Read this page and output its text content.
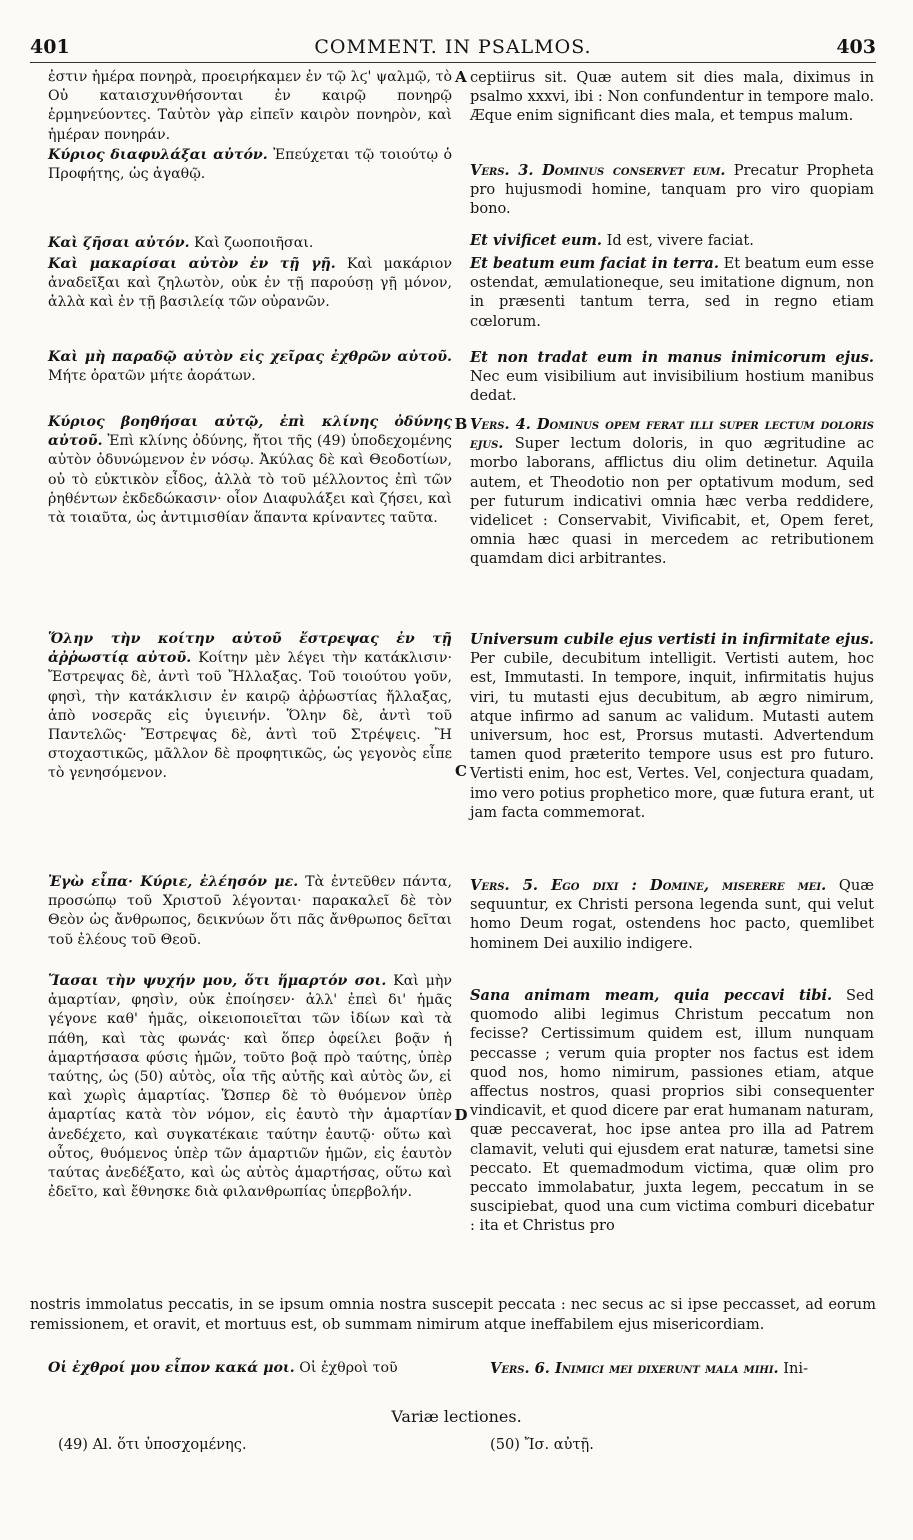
401	COMMENT. IN PSALMOS.	403

ἐστιν ἡμέρα πονηρὰ, προειρήκαμεν ἐν τῷ λϛ' ψαλμῷ, τὸ Οὐ καταισχυνθήσονται ἐν καιρῷ πονηρῷ ἑρμηνεύοντες. Ταὐτὸν γὰρ εἰπεῖν καιρὸν πονηρὸν, καὶ ἡμέραν πονηράν.

Κύριος διαφυλάξαι αὐτόν. Ἐπεύχεται τῷ τοιούτῳ ὁ Προφήτης, ὡς ἀγαθῷ.

Καὶ ζῆσαι αὐτόν. Καὶ ζωοποιῆσαι.

Καὶ μακαρίσαι αὐτὸν ἐν τῇ γῇ. Καὶ μακάριον ἀναδεῖξαι καὶ ζηλωτὸν, οὐκ ἐν τῇ παρούσῃ γῇ μόνον, ἀλλὰ καὶ ἐν τῇ βασιλείᾳ τῶν οὐρανῶν.

Καὶ μὴ παραδῷ αὐτὸν εἰς χεῖρας ἐχθρῶν αὐτοῦ. Μήτε ὁρατῶν μήτε ἀοράτων.

Κύριος βοηθήσαι αὐτῷ, ἐπὶ κλίνης ὀδύνης αὐτοῦ. Ἐπὶ κλίνης ὀδύνης, ἤτοι τῆς (49) ὑποδεχομένης αὐτὸν ὀδυνώμενον ἐν νόσῳ. Ἀκύλας δὲ καὶ Θεοδοτίων, οὐ τὸ εὐκτικὸν εἶδος, ἀλλὰ τὸ τοῦ μέλλοντος ἐπὶ τῶν ῥηθέντων ἐκδεδώκασιν· οἷον Διαφυλάξει καὶ ζήσει, καὶ τὰ τοιαῦτα, ὡς ἀντιμισθίαν ἅπαντα κρίναντες ταῦτα.

Ὅλην τὴν κοίτην αὐτοῦ ἔστρεψας ἐν τῇ ἀῤῥωστίᾳ αὐτοῦ. Κοίτην μὲν λέγει τὴν κατάκλισιν· Ἔστρεψας δὲ, ἀντὶ τοῦ Ἤλλαξας. Τοῦ τοιούτου γοῦν, φησὶ, τὴν κατάκλισιν ἐν καιρῷ ἀῤῥωστίας ἤλλαξας, ἀπὸ νοσερᾶς εἰς ὑγιεινήν. Ὅλην δὲ, ἀντὶ τοῦ Παντελῶς· Ἔστρεψας δὲ, ἀντὶ τοῦ Στρέψεις. Ἢ στοχαστικῶς, μᾶλλον δὲ προφητικῶς, ὡς γεγονὸς εἶπε τὸ γενησόμενον.

Ἐγὼ εἶπα· Κύριε, ἐλέησόν με. Τὰ ἐντεῦθεν πάντα, προσώπῳ τοῦ Χριστοῦ λέγονται· παρακαλεῖ δὲ τὸν Θεὸν ὡς ἄνθρωπος, δεικνύων ὅτι πᾶς ἄνθρωπος δεῖται τοῦ ἐλέους τοῦ Θεοῦ.

Ἴασαι τὴν ψυχήν μου, ὅτι ἥμαρτόν σοι. Καὶ μὴν ἁμαρτίαν, φησὶν, οὐκ ἐποίησεν· ἀλλ' ἐπεὶ δι' ἡμᾶς γέγονε καθ' ἡμᾶς, οἰκειοποιεῖται τῶν ἰδίων καὶ τὰ πάθη, καὶ τὰς φωνάς· καὶ ὅπερ ὀφείλει βοᾷν ἡ ἁμαρτήσασα φύσις ἡμῶν, τοῦτο βοᾷ πρὸ ταύτης, ὑπὲρ ταύτης, ὡς (50) αὐτὸς, οἷα τῆς αὐτῆς καὶ αὐτὸς ὤν, εἰ καὶ χωρὶς ἁμαρτίας. Ὥσπερ δὲ τὸ θυόμενον ὑπὲρ ἁμαρτίας κατὰ τὸν νόμον, εἰς ἑαυτὸ τὴν ἁμαρτίαν ἀνεδέχετο, καὶ συγκατέκαιε ταύτην ἑαυτῷ· οὕτω καὶ οὗτος, θυόμενος ὑπὲρ τῶν ἁμαρτιῶν ἡμῶν, εἰς ἑαυτὸν ταύτας ἀνεδέξατο, καὶ ὡς αὐτὸς ἁμαρτήσας, οὕτω καὶ ἐδεῖτο, καὶ ἔθνησκε διὰ φιλανθρωπίας ὑπερβολήν.

A
B
C
D

ceptiirus sit. Quæ autem sit dies mala, diximus in psalmo xxxvi, ibi : Non confundentur in tempore malo. Æque enim significant dies mala, et tempus malum.

Vers. 3. Dominus conservet eum. Precatur Propheta pro hujusmodi homine, tanquam pro viro quopiam bono.

Et vivificet eum. Id est, vivere faciat.

Et beatum eum faciat in terra. Et beatum eum esse ostendat, æmulationeque, seu imitatione dignum, non in præsenti tantum terra, sed in regno etiam cœlorum.

Et non tradat eum in manus inimicorum ejus. Nec eum visibilium aut invisibilium hostium manibus dedat.

Vers. 4. Dominus opem ferat illi super lectum doloris ejus. Super lectum doloris, in quo ægritudine ac morbo laborans, afflictus diu olim detinetur. Aquila autem, et Theodotio non per optativum modum, sed per futurum indicativi omnia hæc verba reddidere, videlicet : Conservabit, Vivificabit, et, Opem feret, omnia hæc quasi in mercedem ac retributionem quamdam dici arbitrantes.

Universum cubile ejus vertisti in infirmitate ejus. Per cubile, decubitum intelligit. Vertisti autem, hoc est, Immutasti. In tempore, inquit, infirmitatis hujus viri, tu mutasti ejus decubitum, ab ægro nimirum, atque infirmo ad sanum ac validum. Mutasti autem universum, hoc est, Prorsus mutasti. Advertendum tamen quod præterito tempore usus est pro futuro. Vertisti enim, hoc est, Vertes. Vel, conjectura quadam, imo vero potius prophetico more, quæ futura erant, ut jam facta commemorat.

Vers. 5. Ego dixi : Domine, miserere mei. Quæ sequuntur, ex Christi persona legenda sunt, qui velut homo Deum rogat, ostendens hoc pacto, quemlibet hominem Dei auxilio indigere.

Sana animam meam, quia peccavi tibi. Sed quomodo alibi legimus Christum peccatum non fecisse? Certissimum quidem est, illum nunquam peccasse ; verum quia propter nos factus est idem quod nos, homo nimirum, passiones etiam, atque affectus nostros, quasi proprios sibi consequenter vindicavit, et quod dicere par erat humanam naturam, quæ peccaverat, hoc ipse antea pro illa ad Patrem clamavit, veluti qui ejusdem erat naturæ, tametsi sine peccato. Et quemadmodum victima, quæ olim pro peccato immolabatur, juxta legem, peccatum in se suscipiebat, quod una cum victima comburi dicebatur : ita et Christus pro

nostris immolatus peccatis, in se ipsum omnia nostra suscepit peccata : nec secus ac si ipse peccasset, ad eorum remissionem, et oravit, et mortuus est, ob summam nimirum atque ineffabilem ejus misericordiam.

Οἱ ἐχθροί μου εἶπον κακά μοι. Οἱ ἐχθροὶ τοῦ	Vers. 6. Inimici mei dixerunt mala mihi. Ini-
Variæ lectiones.
(49) Al. ὅτι ὑποσχομένης.	(50) Ἴσ. αὐτῇ.
